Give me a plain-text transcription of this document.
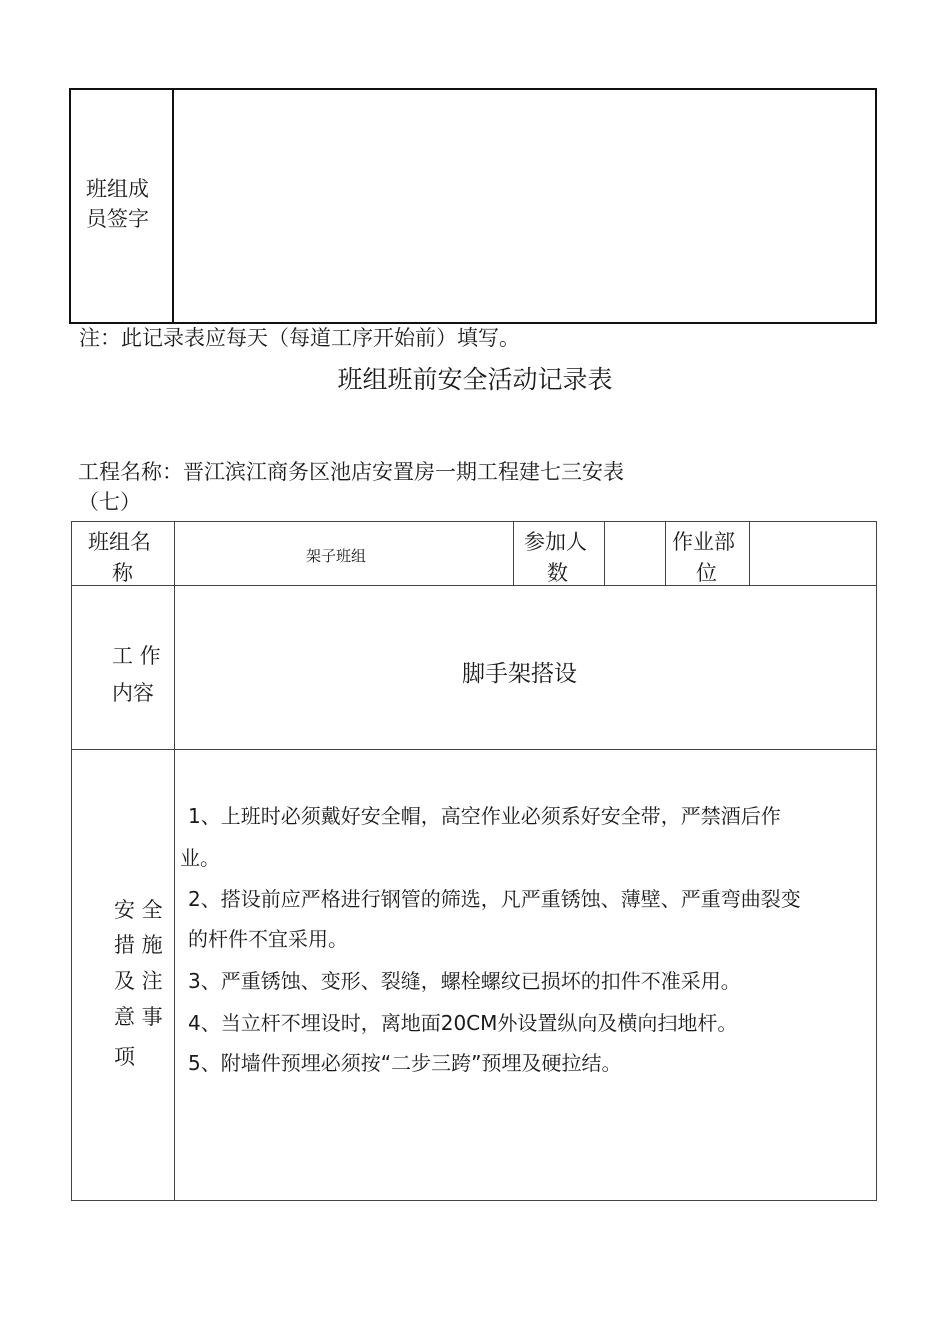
班组成
员签字
注：此记录表应每天（每道工序开始前）填写。
班组班前安全活动记录表
工程名称：晋江滨江商务区池店安置房一期工程建七三安表
（七）
班组名
称
架子班组
参加人
数
作业部
位
工 作
内容
脚手架搭设
安 全
措 施
及 注
意 事
项
1、上班时必须戴好安全帽，高空作业必须系好安全带，严禁酒后作
业。
2、搭设前应严格进行钢管的筛选，凡严重锈蚀、薄壁、严重弯曲裂变
的杆件不宜采用。
3、严重锈蚀、变形、裂缝，螺栓螺纹已损坏的扣件不准采用。
4、当立杆不埋设时，离地面20CM外设置纵向及横向扫地杆。
5、附墙件预埋必须按“二步三跨”预埋及硬拉结。
